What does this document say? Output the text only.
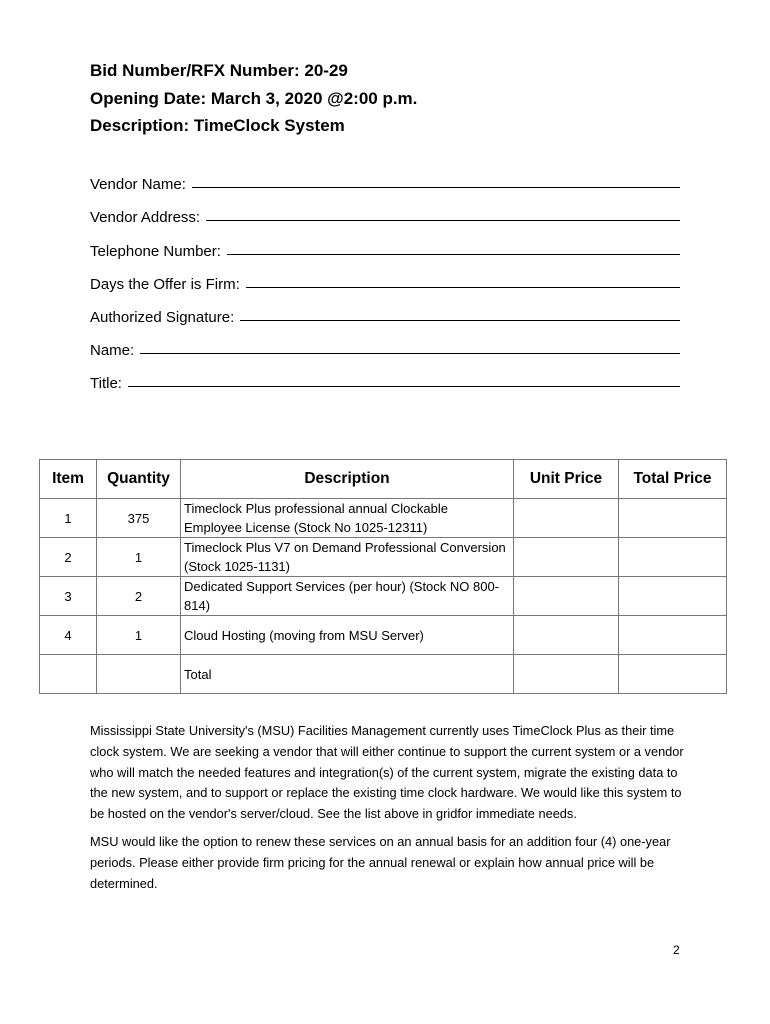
Bid Number/RFX Number: 20-29
Opening Date: March 3, 2020 @2:00 p.m.
Description: TimeClock System
Vendor Name:
Vendor Address:
Telephone Number:
Days the Offer is Firm:
Authorized Signature:
Name:
Title:
Item	Quantity	Description	Unit Price	Total Price
1	375	Timeclock Plus professional annual Clockable Employee License (Stock No 1025-12311)		
2	1	Timeclock Plus V7 on Demand Professional Conversion (Stock 1025-1131)		
3	2	Dedicated Support Services (per hour) (Stock NO 800-814)		
4	1	Cloud Hosting (moving from MSU Server)		
		Total		

Mississippi State University's (MSU) Facilities Management currently uses TimeClock Plus as their time clock system. We are seeking a vendor that will either continue to support the current system or a vendor who will match the needed features and integration(s) of the current system, migrate the existing data to the new system, and to support or replace the existing time clock hardware. We would like this system to be hosted on the vendor's server/cloud. See the list above in gridfor immediate needs.

MSU would like the option to renew these services on an annual basis for an addition four (4) one-year periods. Please either provide firm pricing for the annual renewal or explain how annual price will be determined.

2
